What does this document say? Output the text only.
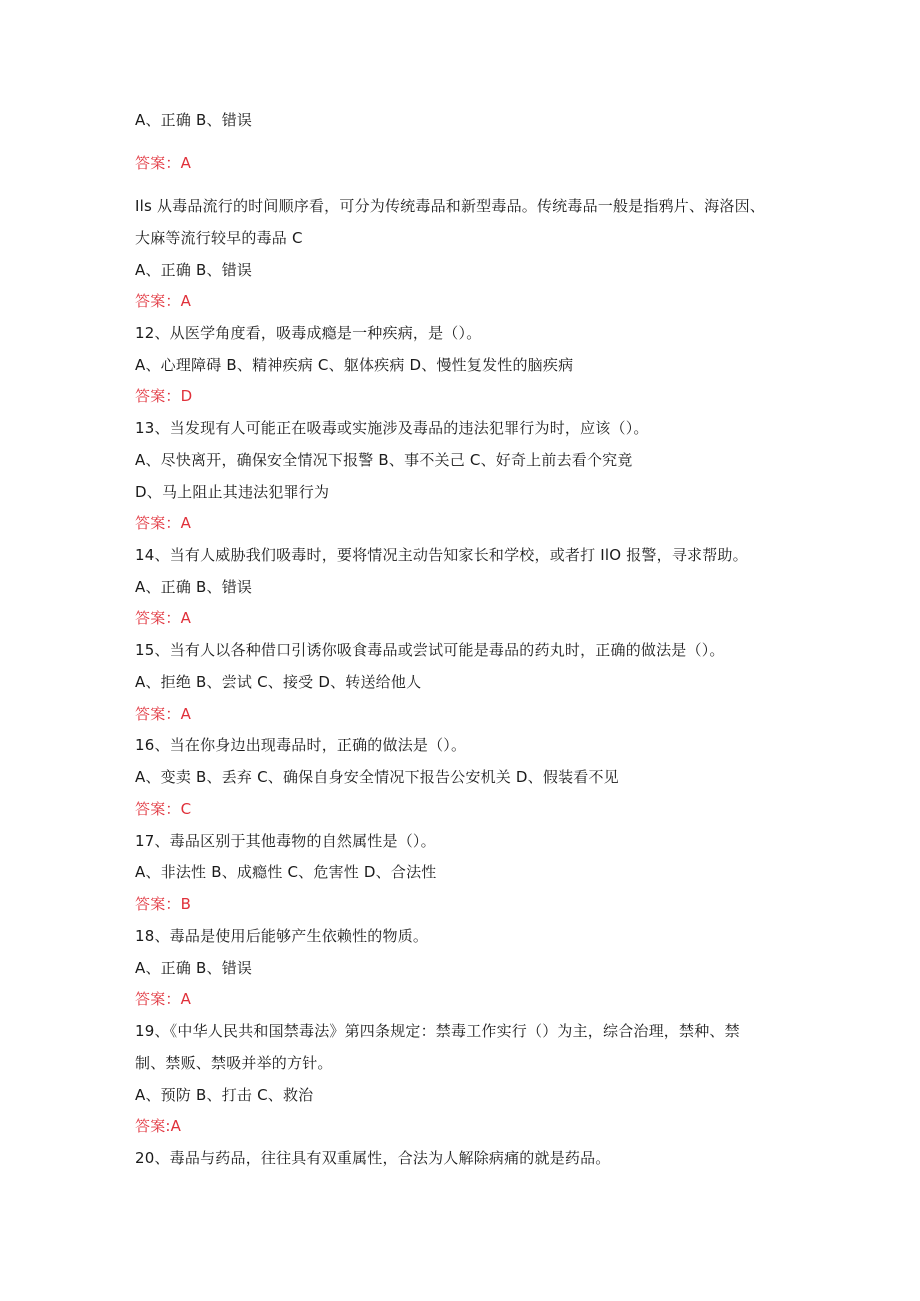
A、正确 B、错误
答案：A
Ils 从毒品流行的时间顺序看，可分为传统毒品和新型毒品。传统毒品一般是指鸦片、海洛因、
大麻等流行较早的毒品 C
A、正确 B、错误
答案：A
12、从医学角度看，吸毒成瘾是一种疾病，是（）。
A、心理障碍 B、精神疾病 C、躯体疾病 D、慢性复发性的脑疾病
答案：D
13、当发现有人可能正在吸毒或实施涉及毒品的违法犯罪行为时，应该（）。
A、尽快离开，确保安全情况下报警 B、事不关己 C、好奇上前去看个究竟
D、马上阻止其违法犯罪行为
答案：A
14、当有人威胁我们吸毒时，要将情况主动告知家长和学校，或者打 IlO 报警，寻求帮助。
A、正确 B、错误
答案：A
15、当有人以各种借口引诱你吸食毒品或尝试可能是毒品的药丸时，正确的做法是（）。
A、拒绝 B、尝试 C、接受 D、转送给他人
答案：A
16、当在你身边出现毒品时，正确的做法是（）。
A、变卖 B、丢弃 C、确保自身安全情况下报告公安机关 D、假装看不见
答案：C
17、毒品区别于其他毒物的自然属性是（）。
A、非法性 B、成瘾性 C、危害性 D、合法性
答案：B
18、毒品是使用后能够产生依赖性的物质。
A、正确 B、错误
答案：A
19、《中华人民共和国禁毒法》第四条规定：禁毒工作实行（）为主，综合治理，禁种、禁
制、禁贩、禁吸并举的方针。
A、预防 B、打击 C、救治
答案:A
20、毒品与药品，往往具有双重属性，合法为人解除病痛的就是药品。
